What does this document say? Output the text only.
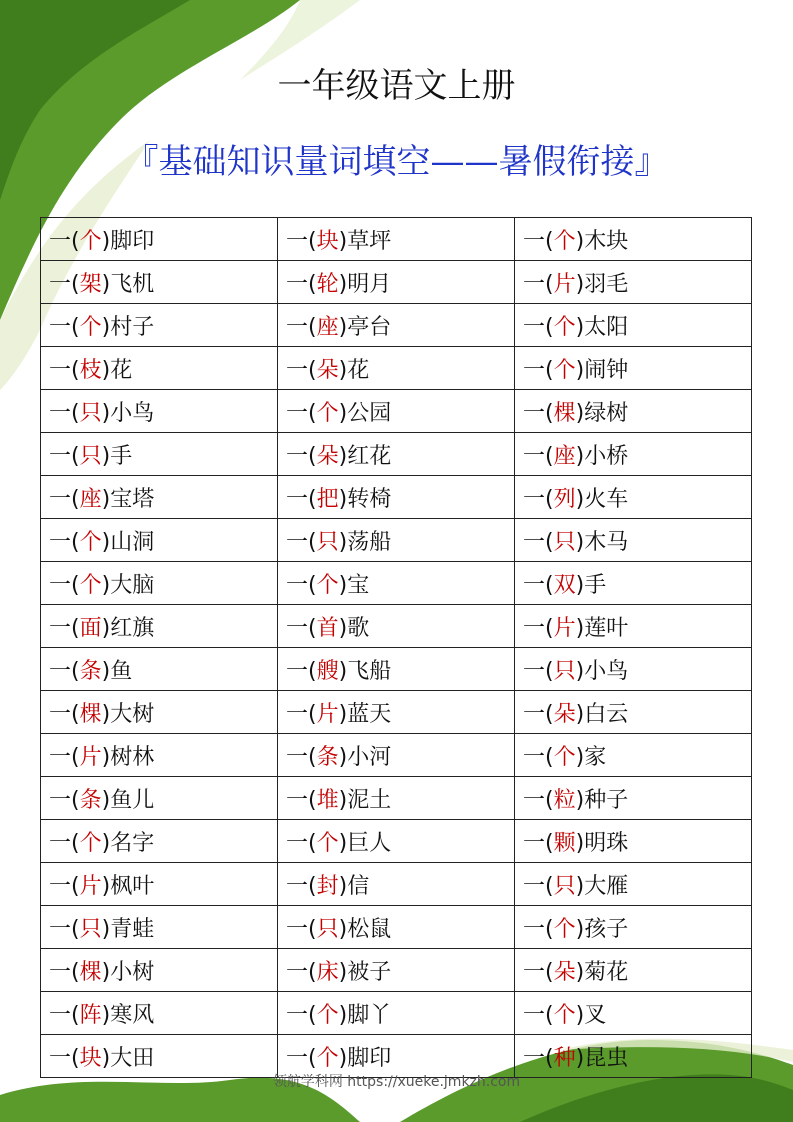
一年级语文上册
『基础知识量词填空——暑假衔接』
一(个)脚印	一(块)草坪	一(个)木块
一(架)飞机	一(轮)明月	一(片)羽毛
一(个)村子	一(座)亭台	一(个)太阳
一(枝)花	一(朵)花	一(个)闹钟
一(只)小鸟	一(个)公园	一(棵)绿树
一(只)手	一(朵)红花	一(座)小桥
一(座)宝塔	一(把)转椅	一(列)火车
一(个)山洞	一(只)荡船	一(只)木马
一(个)大脑	一(个)宝	一(双)手
一(面)红旗	一(首)歌	一(片)莲叶
一(条)鱼	一(艘)飞船	一(只)小鸟
一(棵)大树	一(片)蓝天	一(朵)白云
一(片)树林	一(条)小河	一(个)家
一(条)鱼儿	一(堆)泥土	一(粒)种子
一(个)名字	一(个)巨人	一(颗)明珠
一(片)枫叶	一(封)信	一(只)大雁
一(只)青蛙	一(只)松鼠	一(个)孩子
一(棵)小树	一(床)被子	一(朵)菊花
一(阵)寒风	一(个)脚丫	一(个)叉
一(块)大田	一(个)脚印	一(种)昆虫
领航学科网 https://xueke.jmkzh.com
